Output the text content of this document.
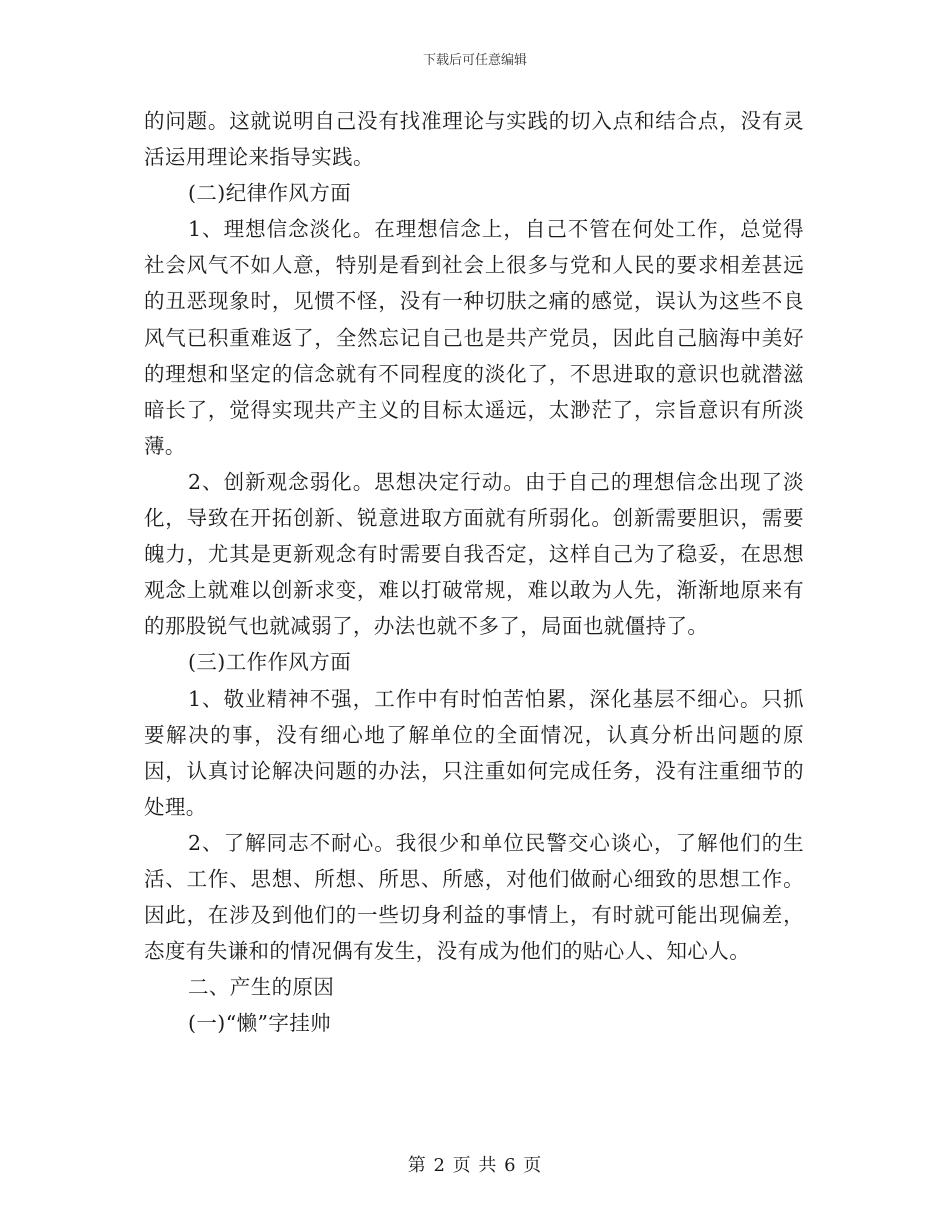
下载后可任意编辑

的问题。这就说明自己没有找准理论与实践的切入点和结合点，没有灵活运用理论来指导实践。

(二)纪律作风方面

1、理想信念淡化。在理想信念上，自己不管在何处工作，总觉得社会风气不如人意，特别是看到社会上很多与党和人民的要求相差甚远的丑恶现象时，见惯不怪，没有一种切肤之痛的感觉，误认为这些不良风气已积重难返了，全然忘记自己也是共产党员，因此自己脑海中美好的理想和坚定的信念就有不同程度的淡化了，不思进取的意识也就潜滋暗长了，觉得实现共产主义的目标太遥远，太渺茫了，宗旨意识有所淡薄。

2、创新观念弱化。思想决定行动。由于自己的理想信念出现了淡化，导致在开拓创新、锐意进取方面就有所弱化。创新需要胆识，需要魄力，尤其是更新观念有时需要自我否定，这样自己为了稳妥，在思想观念上就难以创新求变，难以打破常规，难以敢为人先，渐渐地原来有的那股锐气也就减弱了，办法也就不多了，局面也就僵持了。

(三)工作作风方面

1、敬业精神不强，工作中有时怕苦怕累，深化基层不细心。只抓要解决的事，没有细心地了解单位的全面情况，认真分析出问题的原因，认真讨论解决问题的办法，只注重如何完成任务，没有注重细节的处理。

2、了解同志不耐心。我很少和单位民警交心谈心，了解他们的生活、工作、思想、所想、所思、所感，对他们做耐心细致的思想工作。因此，在涉及到他们的一些切身利益的事情上，有时就可能出现偏差，态度有失谦和的情况偶有发生，没有成为他们的贴心人、知心人。

二、产生的原因

(一)“懒”字挂帅

第 2 页 共 6 页
